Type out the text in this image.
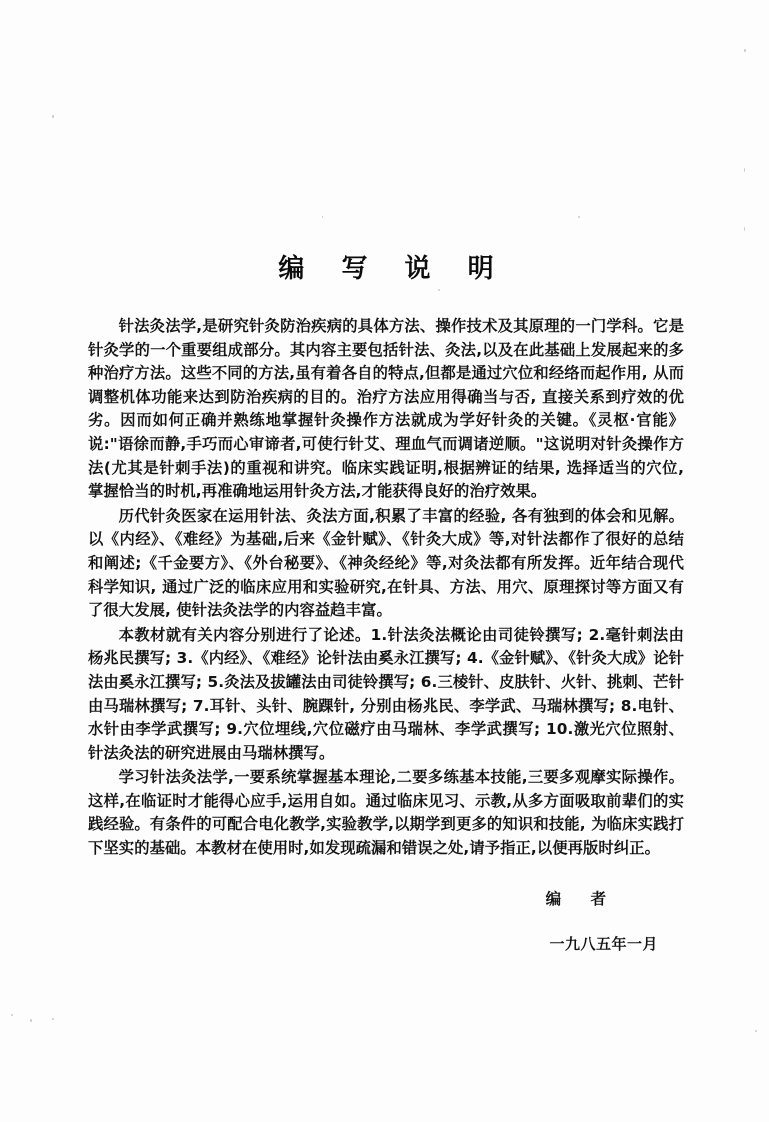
编 写 说 明

针法灸法学,是研究针灸防治疾病的具体方法、操作技术及其原理的一门学科。它是针灸学的一个重要组成部分。其内容主要包括针法、灸法,以及在此基础上发展起来的多种治疗方法。这些不同的方法,虽有着各自的特点,但都是通过穴位和经络而起作用, 从而调整机体功能来达到防治疾病的目的。治疗方法应用得确当与否, 直接关系到疗效的优劣。因而如何正确并熟练地掌握针灸操作方法就成为学好针灸的关键。《灵枢·官能》说:"语徐而静,手巧而心审谛者,可使行针艾、理血气而调诸逆顺。"这说明对针灸操作方法(尤其是针刺手法)的重视和讲究。临床实践证明,根据辨证的结果, 选择适当的穴位, 掌握恰当的时机,再准确地运用针灸方法,才能获得良好的治疗效果。

历代针灸医家在运用针法、灸法方面,积累了丰富的经验, 各有独到的体会和见解。以《内经》、《难经》为基础,后来《金针赋》、《针灸大成》等,对针法都作了很好的总结和阐述;《千金要方》、《外台秘要》、《神灸经纶》等,对灸法都有所发挥。近年结合现代科学知识, 通过广泛的临床应用和实验研究,在针具、方法、用穴、原理探讨等方面又有了很大发展, 使针法灸法学的内容益趋丰富。

本教材就有关内容分别进行了论述。1.针法灸法概论由司徒铃撰写; 2.毫针刺法由杨兆民撰写; 3.《内经》、《难经》论针法由奚永江撰写; 4.《金针赋》、《针灸大成》论针法由奚永江撰写; 5.灸法及拔罐法由司徒铃撰写; 6.三棱针、皮肤针、火针、挑刺、芒针由马瑞林撰写; 7.耳针、头针、腕踝针, 分别由杨兆民、李学武、马瑞林撰写; 8.电针、水针由李学武撰写; 9.穴位埋线,穴位磁疗由马瑞林、李学武撰写; 10.激光穴位照射、针法灸法的研究进展由马瑞林撰写。

学习针法灸法学,一要系统掌握基本理论,二要多练基本技能,三要多观摩实际操作。这样,在临证时才能得心应手,运用自如。通过临床见习、示教,从多方面吸取前辈们的实践经验。有条件的可配合电化教学,实验教学,以期学到更多的知识和技能, 为临床实践打下坚实的基础。本教材在使用时,如发现疏漏和错误之处,请予指正,以便再版时纠正。

编 者
一九八五年一月
